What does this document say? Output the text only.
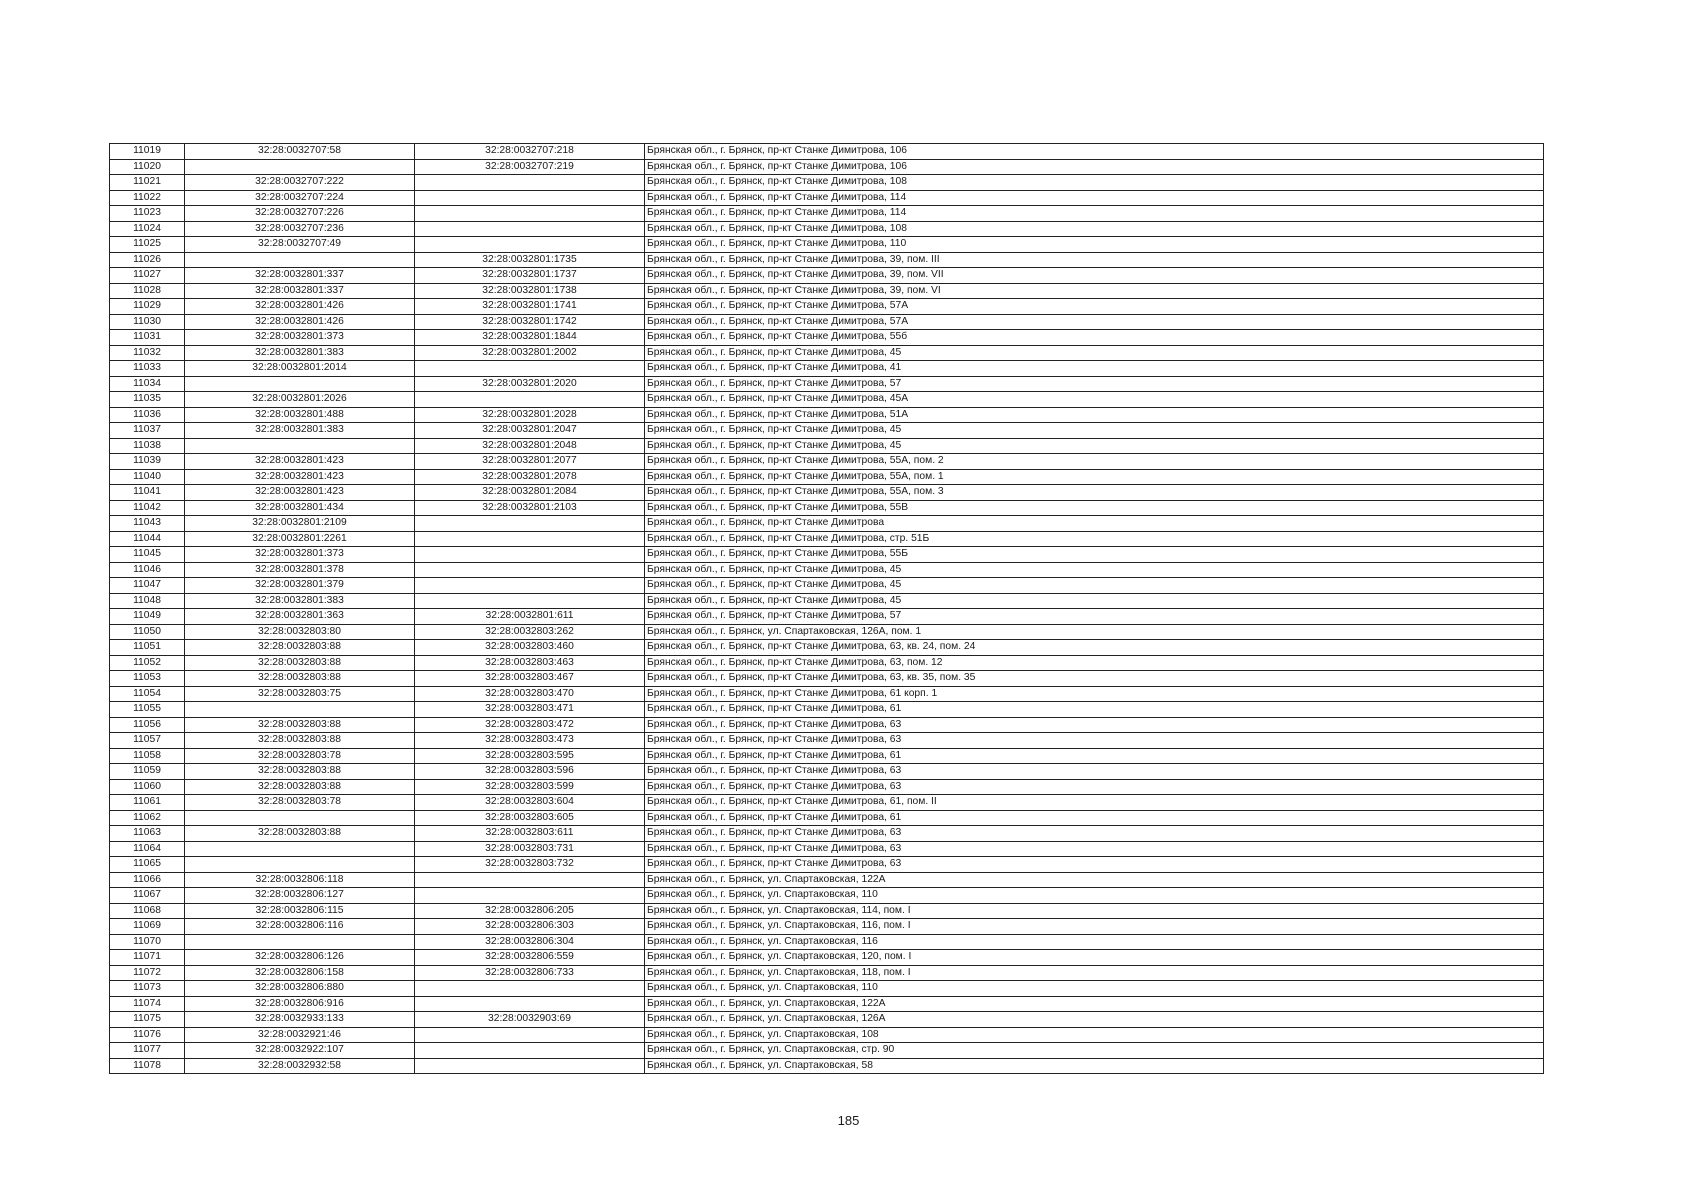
11019	32:28:0032707:58	32:28:0032707:218	Брянская обл., г. Брянск, пр-кт Станке Димитрова, 106
11020		32:28:0032707:219	Брянская обл., г. Брянск, пр-кт Станке Димитрова, 106
11021	32:28:0032707:222		Брянская обл., г. Брянск, пр-кт Станке Димитрова, 108
11022	32:28:0032707:224		Брянская обл., г. Брянск, пр-кт Станке Димитрова, 114
11023	32:28:0032707:226		Брянская обл., г. Брянск, пр-кт Станке Димитрова, 114
11024	32:28:0032707:236		Брянская обл., г. Брянск, пр-кт Станке Димитрова, 108
11025	32:28:0032707:49		Брянская обл., г. Брянск, пр-кт Станке Димитрова, 110
11026		32:28:0032801:1735	Брянская обл., г. Брянск, пр-кт Станке Димитрова, 39, пом. III
11027	32:28:0032801:337	32:28:0032801:1737	Брянская обл., г. Брянск, пр-кт Станке Димитрова, 39, пом. VII
11028	32:28:0032801:337	32:28:0032801:1738	Брянская обл., г. Брянск, пр-кт Станке Димитрова, 39, пом. VI
11029	32:28:0032801:426	32:28:0032801:1741	Брянская обл., г. Брянск, пр-кт Станке Димитрова, 57А
11030	32:28:0032801:426	32:28:0032801:1742	Брянская обл., г. Брянск, пр-кт Станке Димитрова, 57А
11031	32:28:0032801:373	32:28:0032801:1844	Брянская обл., г. Брянск, пр-кт Станке Димитрова, 55б
11032	32:28:0032801:383	32:28:0032801:2002	Брянская обл., г. Брянск, пр-кт Станке Димитрова, 45
11033	32:28:0032801:2014		Брянская обл., г. Брянск, пр-кт Станке Димитрова, 41
11034		32:28:0032801:2020	Брянская обл., г. Брянск, пр-кт Станке Димитрова, 57
11035	32:28:0032801:2026		Брянская обл., г. Брянск, пр-кт Станке Димитрова, 45А
11036	32:28:0032801:488	32:28:0032801:2028	Брянская обл., г. Брянск, пр-кт Станке Димитрова, 51А
11037	32:28:0032801:383	32:28:0032801:2047	Брянская обл., г. Брянск, пр-кт Станке Димитрова, 45
11038		32:28:0032801:2048	Брянская обл., г. Брянск, пр-кт Станке Димитрова, 45
11039	32:28:0032801:423	32:28:0032801:2077	Брянская обл., г. Брянск, пр-кт Станке Димитрова, 55А, пом. 2
11040	32:28:0032801:423	32:28:0032801:2078	Брянская обл., г. Брянск, пр-кт Станке Димитрова, 55А, пом. 1
11041	32:28:0032801:423	32:28:0032801:2084	Брянская обл., г. Брянск, пр-кт Станке Димитрова, 55А, пом. 3
11042	32:28:0032801:434	32:28:0032801:2103	Брянская обл., г. Брянск, пр-кт Станке Димитрова, 55В
11043	32:28:0032801:2109		Брянская обл., г. Брянск, пр-кт Станке Димитрова
11044	32:28:0032801:2261		Брянская обл., г. Брянск, пр-кт Станке Димитрова, стр. 51Б
11045	32:28:0032801:373		Брянская обл., г. Брянск, пр-кт Станке Димитрова, 55Б
11046	32:28:0032801:378		Брянская обл., г. Брянск, пр-кт Станке Димитрова, 45
11047	32:28:0032801:379		Брянская обл., г. Брянск, пр-кт Станке Димитрова, 45
11048	32:28:0032801:383		Брянская обл., г. Брянск, пр-кт Станке Димитрова, 45
11049	32:28:0032801:363	32:28:0032801:611	Брянская обл., г. Брянск, пр-кт Станке Димитрова, 57
11050	32:28:0032803:80	32:28:0032803:262	Брянская обл., г. Брянск, ул. Спартаковская, 126А, пом. 1
11051	32:28:0032803:88	32:28:0032803:460	Брянская обл., г. Брянск, пр-кт Станке Димитрова, 63, кв. 24, пом. 24
11052	32:28:0032803:88	32:28:0032803:463	Брянская обл., г. Брянск, пр-кт Станке Димитрова, 63, пом. 12
11053	32:28:0032803:88	32:28:0032803:467	Брянская обл., г. Брянск, пр-кт Станке Димитрова, 63, кв. 35, пом. 35
11054	32:28:0032803:75	32:28:0032803:470	Брянская обл., г. Брянск, пр-кт Станке Димитрова, 61 корп. 1
11055		32:28:0032803:471	Брянская обл., г. Брянск, пр-кт Станке Димитрова, 61
11056	32:28:0032803:88	32:28:0032803:472	Брянская обл., г. Брянск, пр-кт Станке Димитрова, 63
11057	32:28:0032803:88	32:28:0032803:473	Брянская обл., г. Брянск, пр-кт Станке Димитрова, 63
11058	32:28:0032803:78	32:28:0032803:595	Брянская обл., г. Брянск, пр-кт Станке Димитрова, 61
11059	32:28:0032803:88	32:28:0032803:596	Брянская обл., г. Брянск, пр-кт Станке Димитрова, 63
11060	32:28:0032803:88	32:28:0032803:599	Брянская обл., г. Брянск, пр-кт Станке Димитрова, 63
11061	32:28:0032803:78	32:28:0032803:604	Брянская обл., г. Брянск, пр-кт Станке Димитрова, 61, пом. II
11062		32:28:0032803:605	Брянская обл., г. Брянск, пр-кт Станке Димитрова, 61
11063	32:28:0032803:88	32:28:0032803:611	Брянская обл., г. Брянск, пр-кт Станке Димитрова, 63
11064		32:28:0032803:731	Брянская обл., г. Брянск, пр-кт Станке Димитрова, 63
11065		32:28:0032803:732	Брянская обл., г. Брянск, пр-кт Станке Димитрова, 63
11066	32:28:0032806:118		Брянская обл., г. Брянск, ул. Спартаковская, 122А
11067	32:28:0032806:127		Брянская обл., г. Брянск, ул. Спартаковская, 110
11068	32:28:0032806:115	32:28:0032806:205	Брянская обл., г. Брянск, ул. Спартаковская, 114, пом. I
11069	32:28:0032806:116	32:28:0032806:303	Брянская обл., г. Брянск, ул. Спартаковская, 116, пом. I
11070		32:28:0032806:304	Брянская обл., г. Брянск, ул. Спартаковская, 116
11071	32:28:0032806:126	32:28:0032806:559	Брянская обл., г. Брянск, ул. Спартаковская, 120, пом. I
11072	32:28:0032806:158	32:28:0032806:733	Брянская обл., г. Брянск, ул. Спартаковская, 118, пом. I
11073	32:28:0032806:880		Брянская обл., г. Брянск, ул. Спартаковская, 110
11074	32:28:0032806:916		Брянская обл., г. Брянск, ул. Спартаковская, 122А
11075	32:28:0032933:133	32:28:0032903:69	Брянская обл., г. Брянск, ул. Спартаковская, 126А
11076	32:28:0032921:46		Брянская обл., г. Брянск, ул. Спартаковская, 108
11077	32:28:0032922:107		Брянская обл., г. Брянск, ул. Спартаковская, стр. 90
11078	32:28:0032932:58		Брянская обл., г. Брянск, ул. Спартаковская, 58
185
